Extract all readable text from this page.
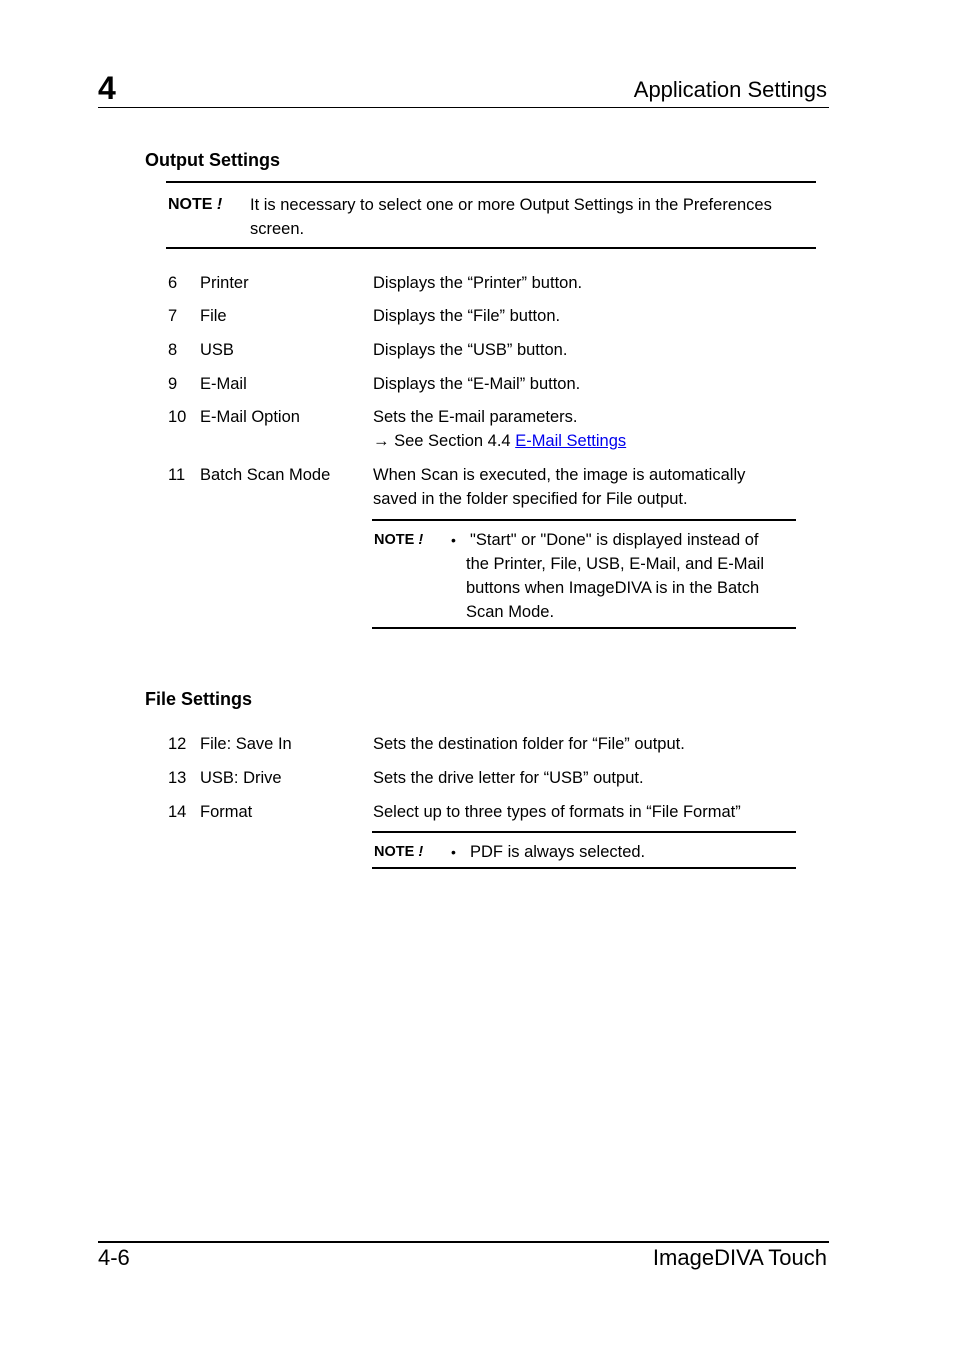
4	Application Settings
Output Settings
NOTE ! It is necessary to select one or more Output Settings in the Preferences
screen.
6 Printer	Displays the “Printer” button.
7 File	Displays the “File” button.
8 USB	Displays the “USB” button.
9 E-Mail	Displays the “E-Mail” button.
10 E-Mail Option	Sets the E-mail parameters.
→ See Section 4.4 E-Mail Settings
11 Batch Scan Mode	When Scan is executed, the image is automatically
saved in the folder specified for File output.
NOTE ! • "Start" or "Done" is displayed instead of
the Printer, File, USB, E-Mail, and E-Mail
buttons when ImageDIVA is in the Batch
Scan Mode.
File Settings
12 File: Save In	Sets the destination folder for “File” output.
13 USB: Drive	Sets the drive letter for “USB” output.
14 Format	Select up to three types of formats in “File Format”
NOTE ! • PDF is always selected.
4-6	ImageDIVA Touch
